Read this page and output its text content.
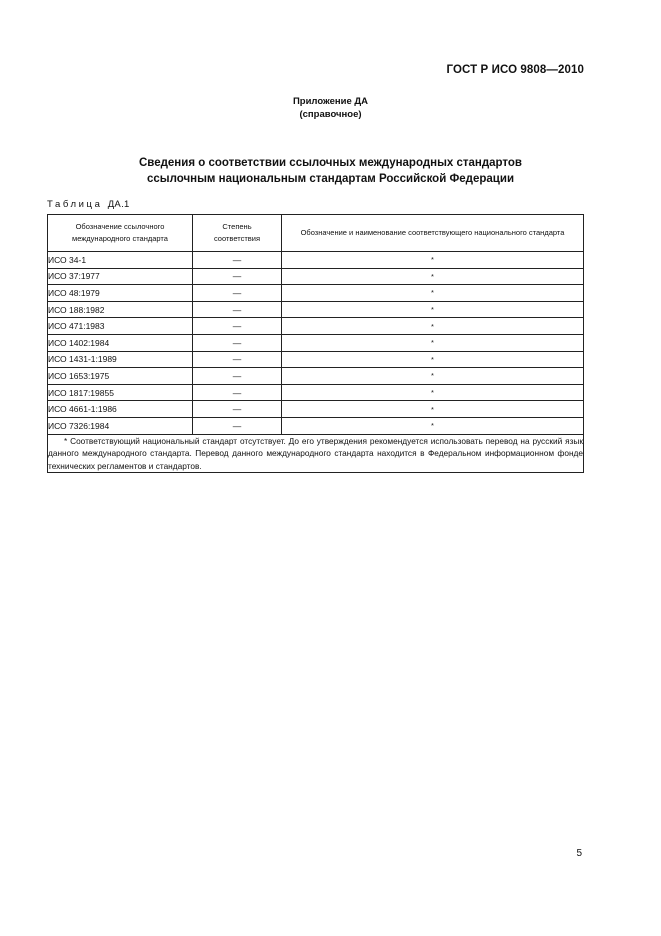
ГОСТ Р ИСО 9808—2010
Приложение ДА
(справочное)
Сведения о соответствии ссылочных международных стандартов
ссылочным национальным стандартам Российской Федерации
Таблица ДА.1
Обозначение ссылочного международного стандарта	Степень соответствия	Обозначение и наименование соответствующего национального стандарта
ИСО 34-1	—	*
ИСО 37:1977	—	*
ИСО 48:1979	—	*
ИСО 188:1982	—	*
ИСО 471:1983	—	*
ИСО 1402:1984	—	*
ИСО 1431-1:1989	—	*
ИСО 1653:1975	—	*
ИСО 1817:19855	—	*
ИСО 4661-1:1986	—	*
ИСО 7326:1984	—	*
* Соответствующий национальный стандарт отсутствует. До его утверждения рекомендуется использовать перевод на русский язык данного международного стандарта. Перевод данного международного стандарта находится в Федеральном информационном фонде технических регламентов и стандартов.		
5
